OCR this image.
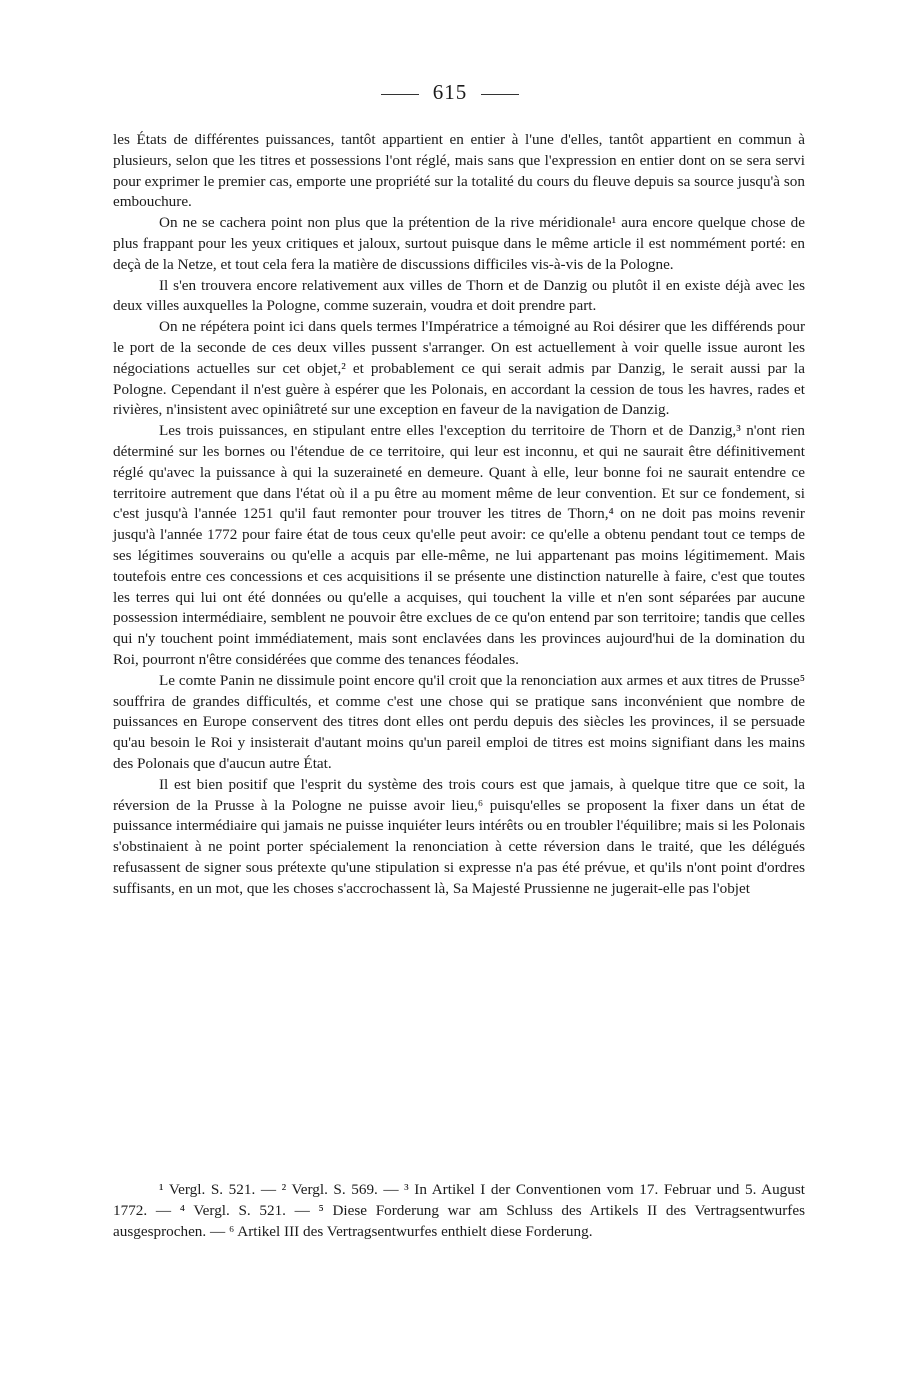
615

les États de différentes puissances, tantôt appartient en entier à l'une d'elles, tantôt appartient en commun à plusieurs, selon que les titres et possessions l'ont réglé, mais sans que l'expression en entier dont on se sera servi pour exprimer le premier cas, emporte une propriété sur la totalité du cours du fleuve depuis sa source jusqu'à son embouchure.

On ne se cachera point non plus que la prétention de la rive méridionale¹ aura encore quelque chose de plus frappant pour les yeux critiques et jaloux, surtout puisque dans le même article il est nommément porté: en deçà de la Netze, et tout cela fera la matière de discussions difficiles vis-à-vis de la Pologne.

Il s'en trouvera encore relativement aux villes de Thorn et de Danzig ou plutôt il en existe déjà avec les deux villes auxquelles la Pologne, comme suzerain, voudra et doit prendre part.

On ne répétera point ici dans quels termes l'Impératrice a témoigné au Roi désirer que les différends pour le port de la seconde de ces deux villes pussent s'arranger. On est actuellement à voir quelle issue auront les négociations actuelles sur cet objet,² et probablement ce qui serait admis par Danzig, le serait aussi par la Pologne. Cependant il n'est guère à espérer que les Polonais, en accordant la cession de tous les havres, rades et rivières, n'insistent avec opiniâtreté sur une exception en faveur de la navigation de Danzig.

Les trois puissances, en stipulant entre elles l'exception du territoire de Thorn et de Danzig,³ n'ont rien déterminé sur les bornes ou l'étendue de ce territoire, qui leur est inconnu, et qui ne saurait être définitivement réglé qu'avec la puissance à qui la suzeraineté en demeure. Quant à elle, leur bonne foi ne saurait entendre ce territoire autrement que dans l'état où il a pu être au moment même de leur convention. Et sur ce fondement, si c'est jusqu'à l'année 1251 qu'il faut remonter pour trouver les titres de Thorn,⁴ on ne doit pas moins revenir jusqu'à l'année 1772 pour faire état de tous ceux qu'elle peut avoir: ce qu'elle a obtenu pendant tout ce temps de ses légitimes souverains ou qu'elle a acquis par elle-même, ne lui appartenant pas moins légitimement. Mais toutefois entre ces concessions et ces acquisitions il se présente une distinction naturelle à faire, c'est que toutes les terres qui lui ont été données ou qu'elle a acquises, qui touchent la ville et n'en sont séparées par aucune possession intermédiaire, semblent ne pouvoir être exclues de ce qu'on entend par son territoire; tandis que celles qui n'y touchent point immédiatement, mais sont enclavées dans les provinces aujourd'hui de la domination du Roi, pourront n'être considérées que comme des tenances féodales.

Le comte Panin ne dissimule point encore qu'il croit que la renonciation aux armes et aux titres de Prusse⁵ souffrira de grandes difficultés, et comme c'est une chose qui se pratique sans inconvénient que nombre de puissances en Europe conservent des titres dont elles ont perdu depuis des siècles les provinces, il se persuade qu'au besoin le Roi y insisterait d'autant moins qu'un pareil emploi de titres est moins signifiant dans les mains des Polonais que d'aucun autre État.

Il est bien positif que l'esprit du système des trois cours est que jamais, à quelque titre que ce soit, la réversion de la Prusse à la Pologne ne puisse avoir lieu,⁶ puisqu'elles se proposent la fixer dans un état de puissance intermédiaire qui jamais ne puisse inquiéter leurs intérêts ou en troubler l'équilibre; mais si les Polonais s'obstinaient à ne point porter spécialement la renonciation à cette réversion dans le traité, que les délégués refusassent de signer sous prétexte qu'une stipulation si expresse n'a pas été prévue, et qu'ils n'ont point d'ordres suffisants, en un mot, que les choses s'accrochassent là, Sa Majesté Prussienne ne jugerait-elle pas l'objet

¹ Vergl. S. 521. — ² Vergl. S. 569. — ³ In Artikel I der Conventionen vom 17. Februar und 5. August 1772. — ⁴ Vergl. S. 521. — ⁵ Diese Forderung war am Schluss des Artikels II des Vertragsentwurfes ausgesprochen. — ⁶ Artikel III des Vertragsentwurfes enthielt diese Forderung.
